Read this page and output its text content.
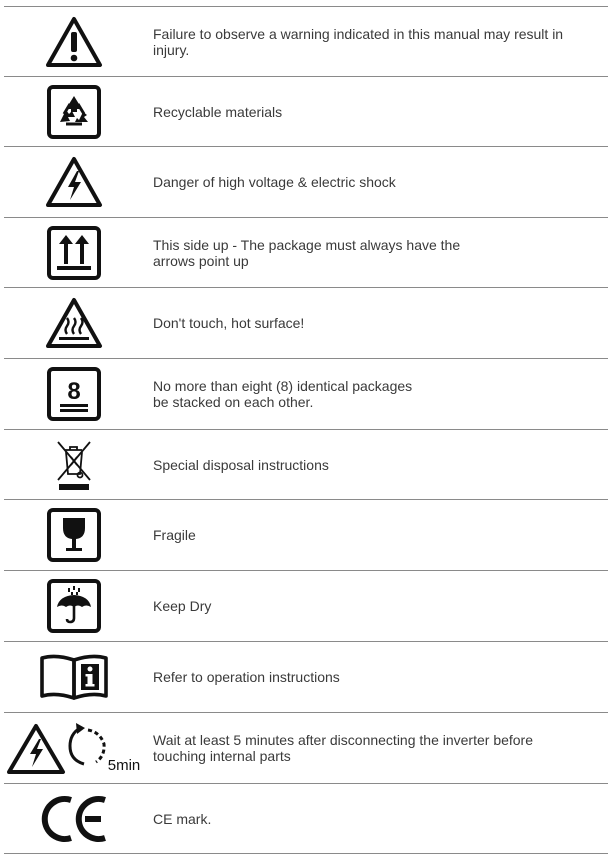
Failure to observe a warning indicated in this manual may result in
injury.
Recyclable materials
Danger of high voltage & electric shock
This side up - The package must always have the
arrows point up
Don't touch, hot surface!
8	No more than eight (8) identical packages
be stacked on each other.
Special disposal instructions
Fragile
Keep Dry
Refer to operation instructions
5min
Wait at least 5 minutes after disconnecting the inverter before
touching internal parts
CE mark.
